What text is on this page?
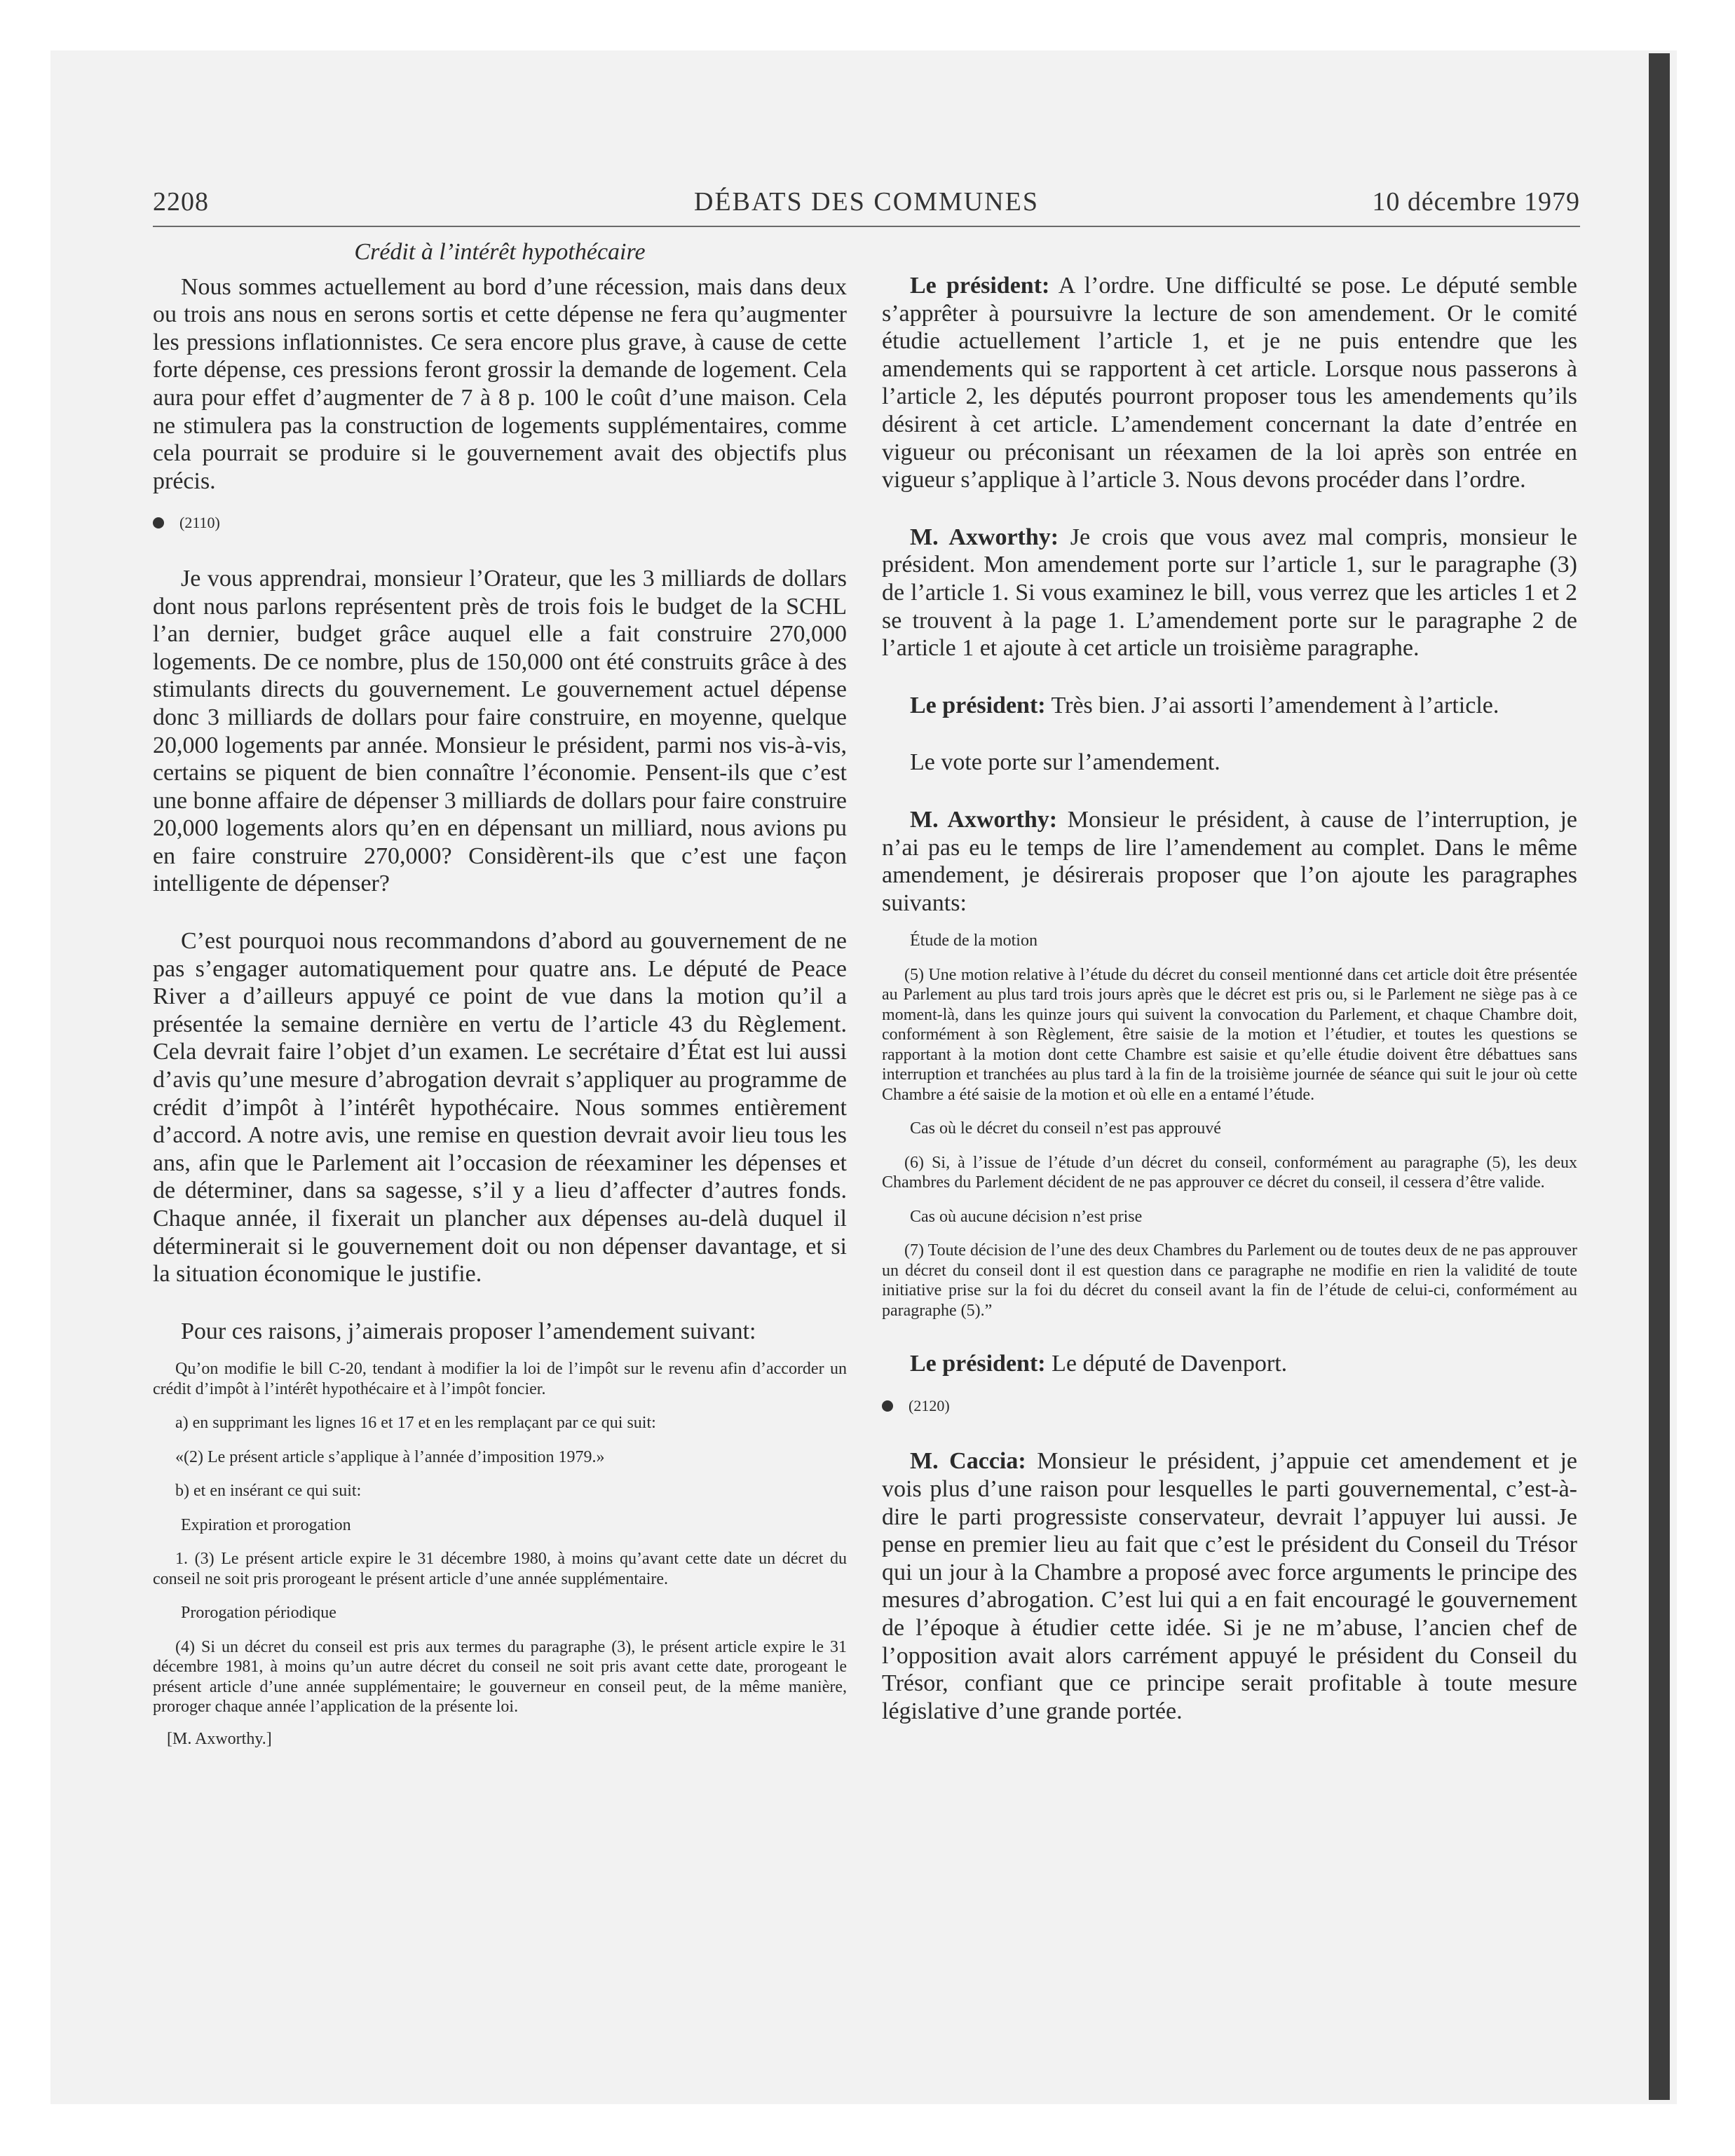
2208	DÉBATS DES COMMUNES	10 décembre 1979
Crédit à l’intérêt hypothécaire

Nous sommes actuellement au bord d’une récession, mais dans deux ou trois ans nous en serons sortis et cette dépense ne fera qu’augmenter les pressions inflationnistes. Ce sera encore plus grave, à cause de cette forte dépense, ces pressions feront grossir la demande de logement. Cela aura pour effet d’augmenter de 7 à 8 p. 100 le coût d’une maison. Cela ne stimulera pas la construction de logements supplémentaires, comme cela pourrait se produire si le gouvernement avait des objectifs plus précis.

(2110)

Je vous apprendrai, monsieur l’Orateur, que les 3 milliards de dollars dont nous parlons représentent près de trois fois le budget de la SCHL l’an dernier, budget grâce auquel elle a fait construire 270,000 logements. De ce nombre, plus de 150,000 ont été construits grâce à des stimulants directs du gouvernement. Le gouvernement actuel dépense donc 3 milliards de dollars pour faire construire, en moyenne, quelque 20,000 logements par année. Monsieur le président, parmi nos vis-à-vis, certains se piquent de bien connaître l’économie. Pensent-ils que c’est une bonne affaire de dépenser 3 milliards de dollars pour faire construire 20,000 logements alors qu’en en dépensant un milliard, nous avions pu en faire construire 270,000? Considèrent-ils que c’est une façon intelligente de dépenser?

C’est pourquoi nous recommandons d’abord au gouvernement de ne pas s’engager automatiquement pour quatre ans. Le député de Peace River a d’ailleurs appuyé ce point de vue dans la motion qu’il a présentée la semaine dernière en vertu de l’article 43 du Règlement. Cela devrait faire l’objet d’un examen. Le secrétaire d’État est lui aussi d’avis qu’une mesure d’abrogation devrait s’appliquer au programme de crédit d’impôt à l’intérêt hypothécaire. Nous sommes entièrement d’accord. A notre avis, une remise en question devrait avoir lieu tous les ans, afin que le Parlement ait l’occasion de réexaminer les dépenses et de déterminer, dans sa sagesse, s’il y a lieu d’affecter d’autres fonds. Chaque année, il fixerait un plancher aux dépenses au-delà duquel il déterminerait si le gouvernement doit ou non dépenser davantage, et si la situation économique le justifie.

Pour ces raisons, j’aimerais proposer l’amendement suivant:

Qu’on modifie le bill C-20, tendant à modifier la loi de l’impôt sur le revenu afin d’accorder un crédit d’impôt à l’intérêt hypothécaire et à l’impôt foncier.

a) en supprimant les lignes 16 et 17 et en les remplaçant par ce qui suit:

«(2) Le présent article s’applique à l’année d’imposition 1979.»

b) et en insérant ce qui suit:

Expiration et prorogation

1. (3) Le présent article expire le 31 décembre 1980, à moins qu’avant cette date un décret du conseil ne soit pris prorogeant le présent article d’une année supplémentaire.

Prorogation périodique

(4) Si un décret du conseil est pris aux termes du paragraphe (3), le présent article expire le 31 décembre 1981, à moins qu’un autre décret du conseil ne soit pris avant cette date, prorogeant le présent article d’une année supplémentaire; le gouverneur en conseil peut, de la même manière, proroger chaque année l’application de la présente loi.

[M. Axworthy.]

Le président: A l’ordre. Une difficulté se pose. Le député semble s’apprêter à poursuivre la lecture de son amendement. Or le comité étudie actuellement l’article 1, et je ne puis entendre que les amendements qui se rapportent à cet article. Lorsque nous passerons à l’article 2, les députés pourront proposer tous les amendements qu’ils désirent à cet article. L’amendement concernant la date d’entrée en vigueur ou préconisant un réexamen de la loi après son entrée en vigueur s’applique à l’article 3. Nous devons procéder dans l’ordre.

M. Axworthy: Je crois que vous avez mal compris, monsieur le président. Mon amendement porte sur l’article 1, sur le paragraphe (3) de l’article 1. Si vous examinez le bill, vous verrez que les articles 1 et 2 se trouvent à la page 1. L’amendement porte sur le paragraphe 2 de l’article 1 et ajoute à cet article un troisième paragraphe.

Le président: Très bien. J’ai assorti l’amendement à l’article.

Le vote porte sur l’amendement.

M. Axworthy: Monsieur le président, à cause de l’interruption, je n’ai pas eu le temps de lire l’amendement au complet. Dans le même amendement, je désirerais proposer que l’on ajoute les paragraphes suivants:

Étude de la motion

(5) Une motion relative à l’étude du décret du conseil mentionné dans cet article doit être présentée au Parlement au plus tard trois jours après que le décret est pris ou, si le Parlement ne siège pas à ce moment-là, dans les quinze jours qui suivent la convocation du Parlement, et chaque Chambre doit, conformément à son Règlement, être saisie de la motion et l’étudier, et toutes les questions se rapportant à la motion dont cette Chambre est saisie et qu’elle étudie doivent être débattues sans interruption et tranchées au plus tard à la fin de la troisième journée de séance qui suit le jour où cette Chambre a été saisie de la motion et où elle en a entamé l’étude.

Cas où le décret du conseil n’est pas approuvé

(6) Si, à l’issue de l’étude d’un décret du conseil, conformément au paragraphe (5), les deux Chambres du Parlement décident de ne pas approuver ce décret du conseil, il cessera d’être valide.

Cas où aucune décision n’est prise

(7) Toute décision de l’une des deux Chambres du Parlement ou de toutes deux de ne pas approuver un décret du conseil dont il est question dans ce paragraphe ne modifie en rien la validité de toute initiative prise sur la foi du décret du conseil avant la fin de l’étude de celui-ci, conformément au paragraphe (5).”

Le président: Le député de Davenport.

(2120)

M. Caccia: Monsieur le président, j’appuie cet amendement et je vois plus d’une raison pour lesquelles le parti gouvernemental, c’est-à-dire le parti progressiste conservateur, devrait l’appuyer lui aussi. Je pense en premier lieu au fait que c’est le président du Conseil du Trésor qui un jour à la Chambre a proposé avec force arguments le principe des mesures d’abrogation. C’est lui qui a en fait encouragé le gouvernement de l’époque à étudier cette idée. Si je ne m’abuse, l’ancien chef de l’opposition avait alors carrément appuyé le président du Conseil du Trésor, confiant que ce principe serait profitable à toute mesure législative d’une grande portée.
